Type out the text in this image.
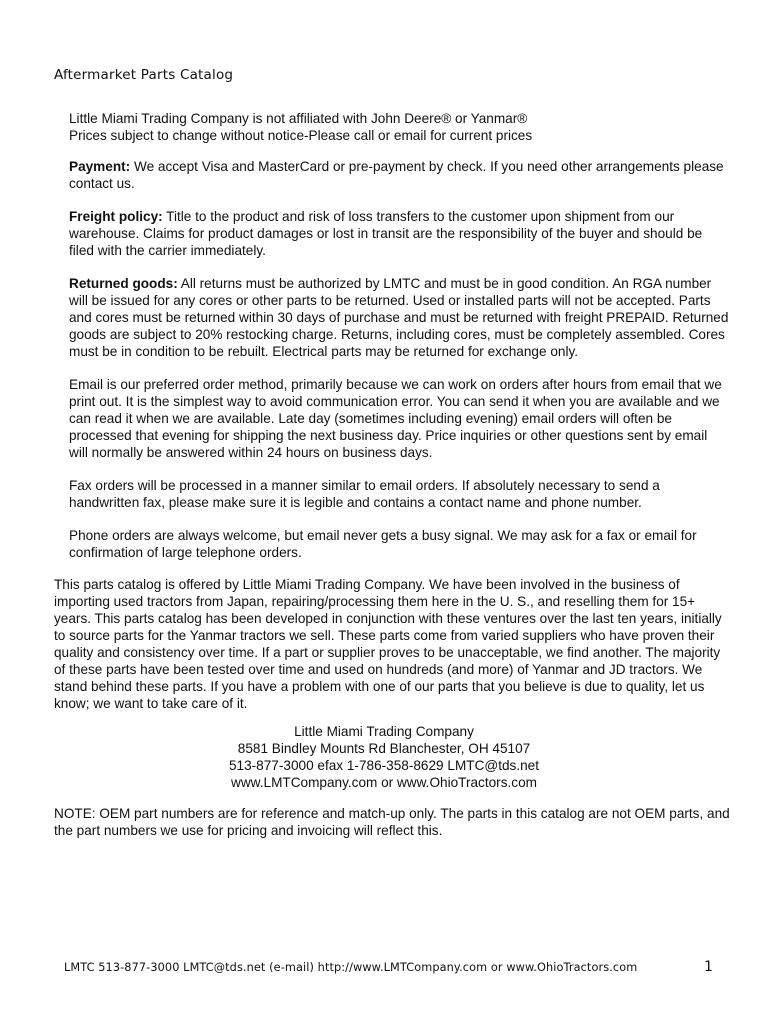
Aftermarket Parts Catalog

Little Miami Trading Company is not affiliated with John Deere® or Yanmar®
Prices subject to change without notice-Please call or email for current prices

Payment: We accept Visa and MasterCard or pre-payment by check. If you need other arrangements please contact us.

Freight policy: Title to the product and risk of loss transfers to the customer upon shipment from our warehouse. Claims for product damages or lost in transit are the responsibility of the buyer and should be filed with the carrier immediately.

Returned goods: All returns must be authorized by LMTC and must be in good condition. An RGA number will be issued for any cores or other parts to be returned. Used or installed parts will not be accepted. Parts and cores must be returned within 30 days of purchase and must be returned with freight PREPAID. Returned goods are subject to 20% restocking charge. Returns, including cores, must be completely assembled. Cores must be in condition to be rebuilt. Electrical parts may be returned for exchange only.

Email is our preferred order method, primarily because we can work on orders after hours from email that we print out. It is the simplest way to avoid communication error. You can send it when you are available and we can read it when we are available. Late day (sometimes including evening) email orders will often be processed that evening for shipping the next business day. Price inquiries or other questions sent by email will normally be answered within 24 hours on business days.

Fax orders will be processed in a manner similar to email orders. If absolutely necessary to send a handwritten fax, please make sure it is legible and contains a contact name and phone number.

Phone orders are always welcome, but email never gets a busy signal. We may ask for a fax or email for confirmation of large telephone orders.

This parts catalog is offered by Little Miami Trading Company. We have been involved in the business of importing used tractors from Japan, repairing/processing them here in the U. S., and reselling them for 15+ years. This parts catalog has been developed in conjunction with these ventures over the last ten years, initially to source parts for the Yanmar tractors we sell. These parts come from varied suppliers who have proven their quality and consistency over time. If a part or supplier proves to be unacceptable, we find another. The majority of these parts have been tested over time and used on hundreds (and more) of Yanmar and JD tractors. We stand behind these parts. If you have a problem with one of our parts that you believe is due to quality, let us know; we want to take care of it.

Little Miami Trading Company
8581 Bindley Mounts Rd Blanchester, OH 45107
513-877-3000 efax 1-786-358-8629 LMTC@tds.net
www.LMTCompany.com or www.OhioTractors.com
NOTE: OEM part numbers are for reference and match-up only. The parts in this catalog are not OEM parts, and the part numbers we use for pricing and invoicing will reflect this.
LMTC 513-877-3000 LMTC@tds.net (e-mail) http://www.LMTCompany.com or www.OhioTractors.com	1
